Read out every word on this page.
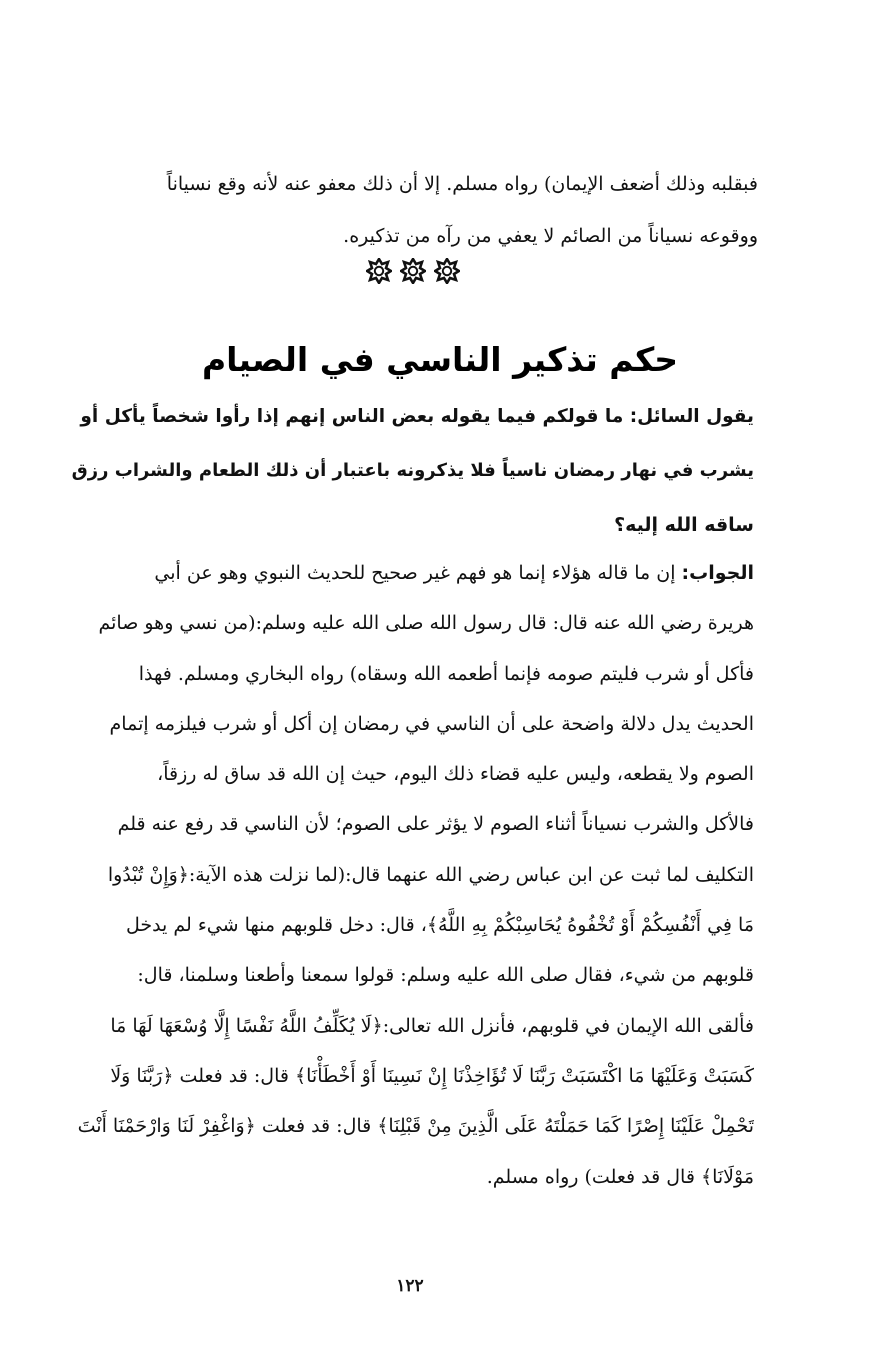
فبقلبه وذلك أضعف الإيمان) رواه مسلم. إلا أن ذلك معفو عنه لأنه وقع نسياناً
ووقوعه نسياناً من الصائم لا يعفي من رآه من تذكيره.
حكم تذكير الناسي في الصيام
يقول السائل: ما قولكم فيما يقوله بعض الناس إنهم إذا رأوا شخصاً يأكل أو
يشرب في نهار رمضان ناسياً فلا يذكرونه باعتبار أن ذلك الطعام والشراب رزق
ساقه الله إليه؟
الجواب: إن ما قاله هؤلاء إنما هو فهم غير صحيح للحديث النبوي وهو عن أبي
هريرة رضي الله عنه قال: قال رسول الله صلى الله عليه وسلم:(من نسي وهو صائم
فأكل أو شرب فليتم صومه فإنما أطعمه الله وسقاه) رواه البخاري ومسلم. فهذا
الحديث يدل دلالة واضحة على أن الناسي في رمضان إن أكل أو شرب فيلزمه إتمام
الصوم ولا يقطعه، وليس عليه قضاء ذلك اليوم، حيث إن الله قد ساق له رزقاً،
فالأكل والشرب نسياناً أثناء الصوم لا يؤثر على الصوم؛ لأن الناسي قد رفع عنه قلم
التكليف لما ثبت عن ابن عباس رضي الله عنهما قال:(لما نزلت هذه الآية:﴿وَإِنْ تُبْدُوا
مَا فِي أَنْفُسِكُمْ أَوْ تُخْفُوهُ يُحَاسِبْكُمْ بِهِ اللَّهُ﴾، قال: دخل قلوبهم منها شيء لم يدخل
قلوبهم من شيء، فقال صلى الله عليه وسلم: قولوا سمعنا وأطعنا وسلمنا، قال:
فألقى الله الإيمان في قلوبهم، فأنزل الله تعالى:﴿لَا يُكَلِّفُ اللَّهُ نَفْسًا إِلَّا وُسْعَهَا لَهَا مَا
كَسَبَتْ وَعَلَيْهَا مَا اكْتَسَبَتْ رَبَّنَا لَا تُؤَاخِذْنَا إِنْ نَسِينَا أَوْ أَخْطَأْنَا﴾ قال: قد فعلت ﴿رَبَّنَا وَلَا
تَحْمِلْ عَلَيْنَا إِصْرًا كَمَا حَمَلْتَهُ عَلَى الَّذِينَ مِنْ قَبْلِنَا﴾ قال: قد فعلت ﴿وَاغْفِرْ لَنَا وَارْحَمْنَا أَنْتَ
مَوْلَانَا﴾ قال قد فعلت) رواه مسلم.
١٢٢
